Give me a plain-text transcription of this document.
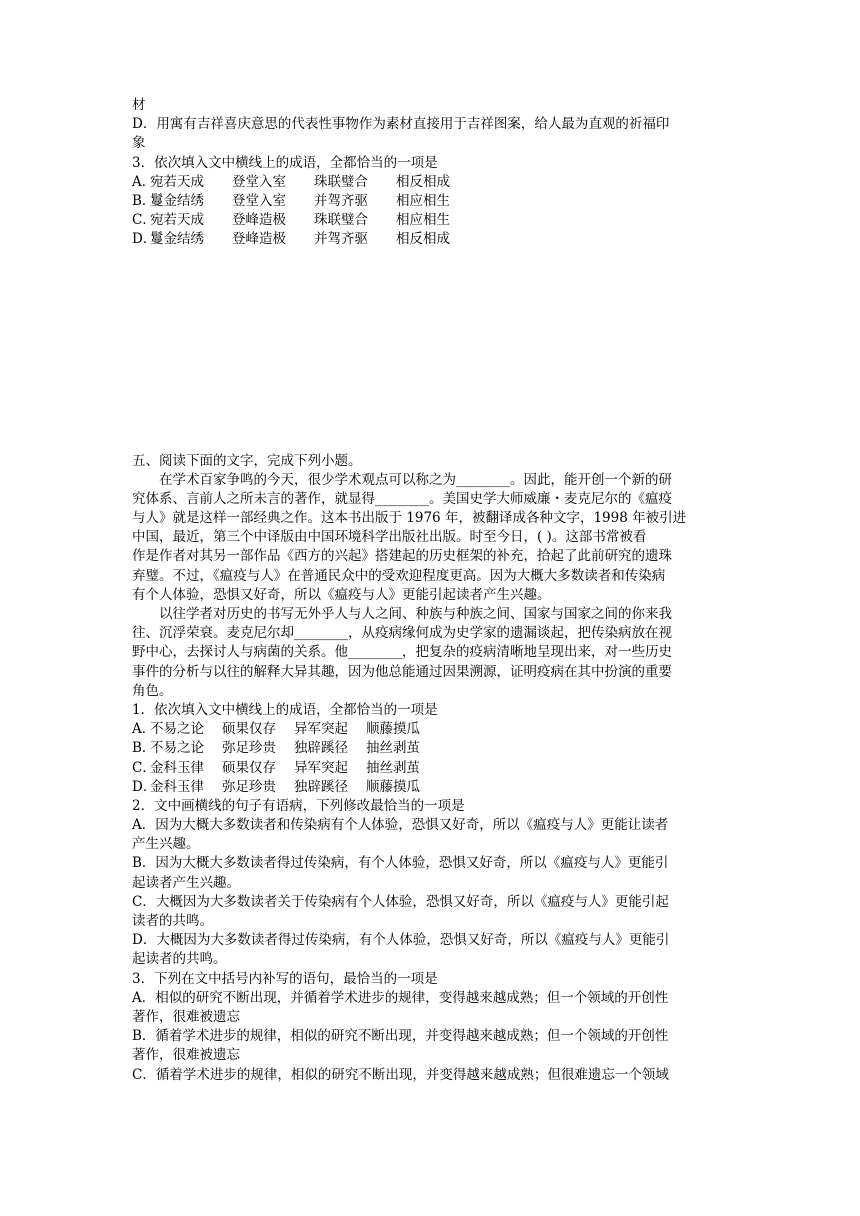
材
D．用寓有吉祥喜庆意思的代表性事物作为素材直接用于吉祥图案，给人最为直观的祈福印
象
3．依次填入文中横线上的成语，全都恰当的一项是
A．宛若天成 登堂入室 珠联璧合 相反相成
B．鬘金结绣 登堂入室 并驾齐驱 相应相生
C．宛若天成 登峰造极 珠联璧合 相应相生
D．鬘金结绣 登峰造极 并驾齐驱 相反相成
五、阅读下面的文字，完成下列小题。
在学术百家争鸣的今天，很少学术观点可以称之为________。因此，能开创一个新的研
究体系、言前人之所未言的著作，就显得________。美国史学大师威廉・麦克尼尔的《瘟疫
与人》就是这样一部经典之作。这本书出版于 1976 年，被翻译成各种文字，1998 年被引进
中国，最近，第三个中译版由中国环境科学出版社出版。时至今日，( )。这部书常被看
作是作者对其另一部作品《西方的兴起》搭建起的历史框架的补充，拾起了此前研究的遗珠
弃璧。不过，《瘟疫与人》在普通民众中的受欢迎程度更高。因为大概大多数读者和传染病
有个人体验，恐惧又好奇，所以《瘟疫与人》更能引起读者产生兴趣。
以往学者对历史的书写无外乎人与人之间、种族与种族之间、国家与国家之间的你来我
往、沉浮荣衰。麦克尼尔却________，从疫病缘何成为史学家的遗漏谈起，把传染病放在视
野中心，去探讨人与病菌的关系。他________，把复杂的疫病清晰地呈现出来，对一些历史
事件的分析与以往的解释大异其趣，因为他总能通过因果溯源，证明疫病在其中扮演的重要
角色。
1．依次填入文中横线上的成语，全都恰当的一项是
A．不易之论 硕果仅存 异军突起 顺藤摸瓜
B．不易之论 弥足珍贵 独辟蹊径 抽丝剥茧
C．金科玉律 硕果仅存 异军突起 抽丝剥茧
D．金科玉律 弥足珍贵 独辟蹊径 顺藤摸瓜
2．文中画横线的句子有语病，下列修改最恰当的一项是
A．因为大概大多数读者和传染病有个人体验，恐惧又好奇，所以《瘟疫与人》更能让读者
产生兴趣。
B．因为大概大多数读者得过传染病，有个人体验，恐惧又好奇，所以《瘟疫与人》更能引
起读者产生兴趣。
C．大概因为大多数读者关于传染病有个人体验，恐惧又好奇，所以《瘟疫与人》更能引起
读者的共鸣。
D．大概因为大多数读者得过传染病，有个人体验，恐惧又好奇，所以《瘟疫与人》更能引
起读者的共鸣。
3．下列在文中括号内补写的语句，最恰当的一项是
A．相似的研究不断出现，并循着学术进步的规律，变得越来越成熟；但一个领域的开创性
著作，很难被遗忘
B．循着学术进步的规律，相似的研究不断出现，并变得越来越成熟；但一个领域的开创性
著作，很难被遗忘
C．循着学术进步的规律，相似的研究不断出现，并变得越来越成熟；但很难遗忘一个领域
